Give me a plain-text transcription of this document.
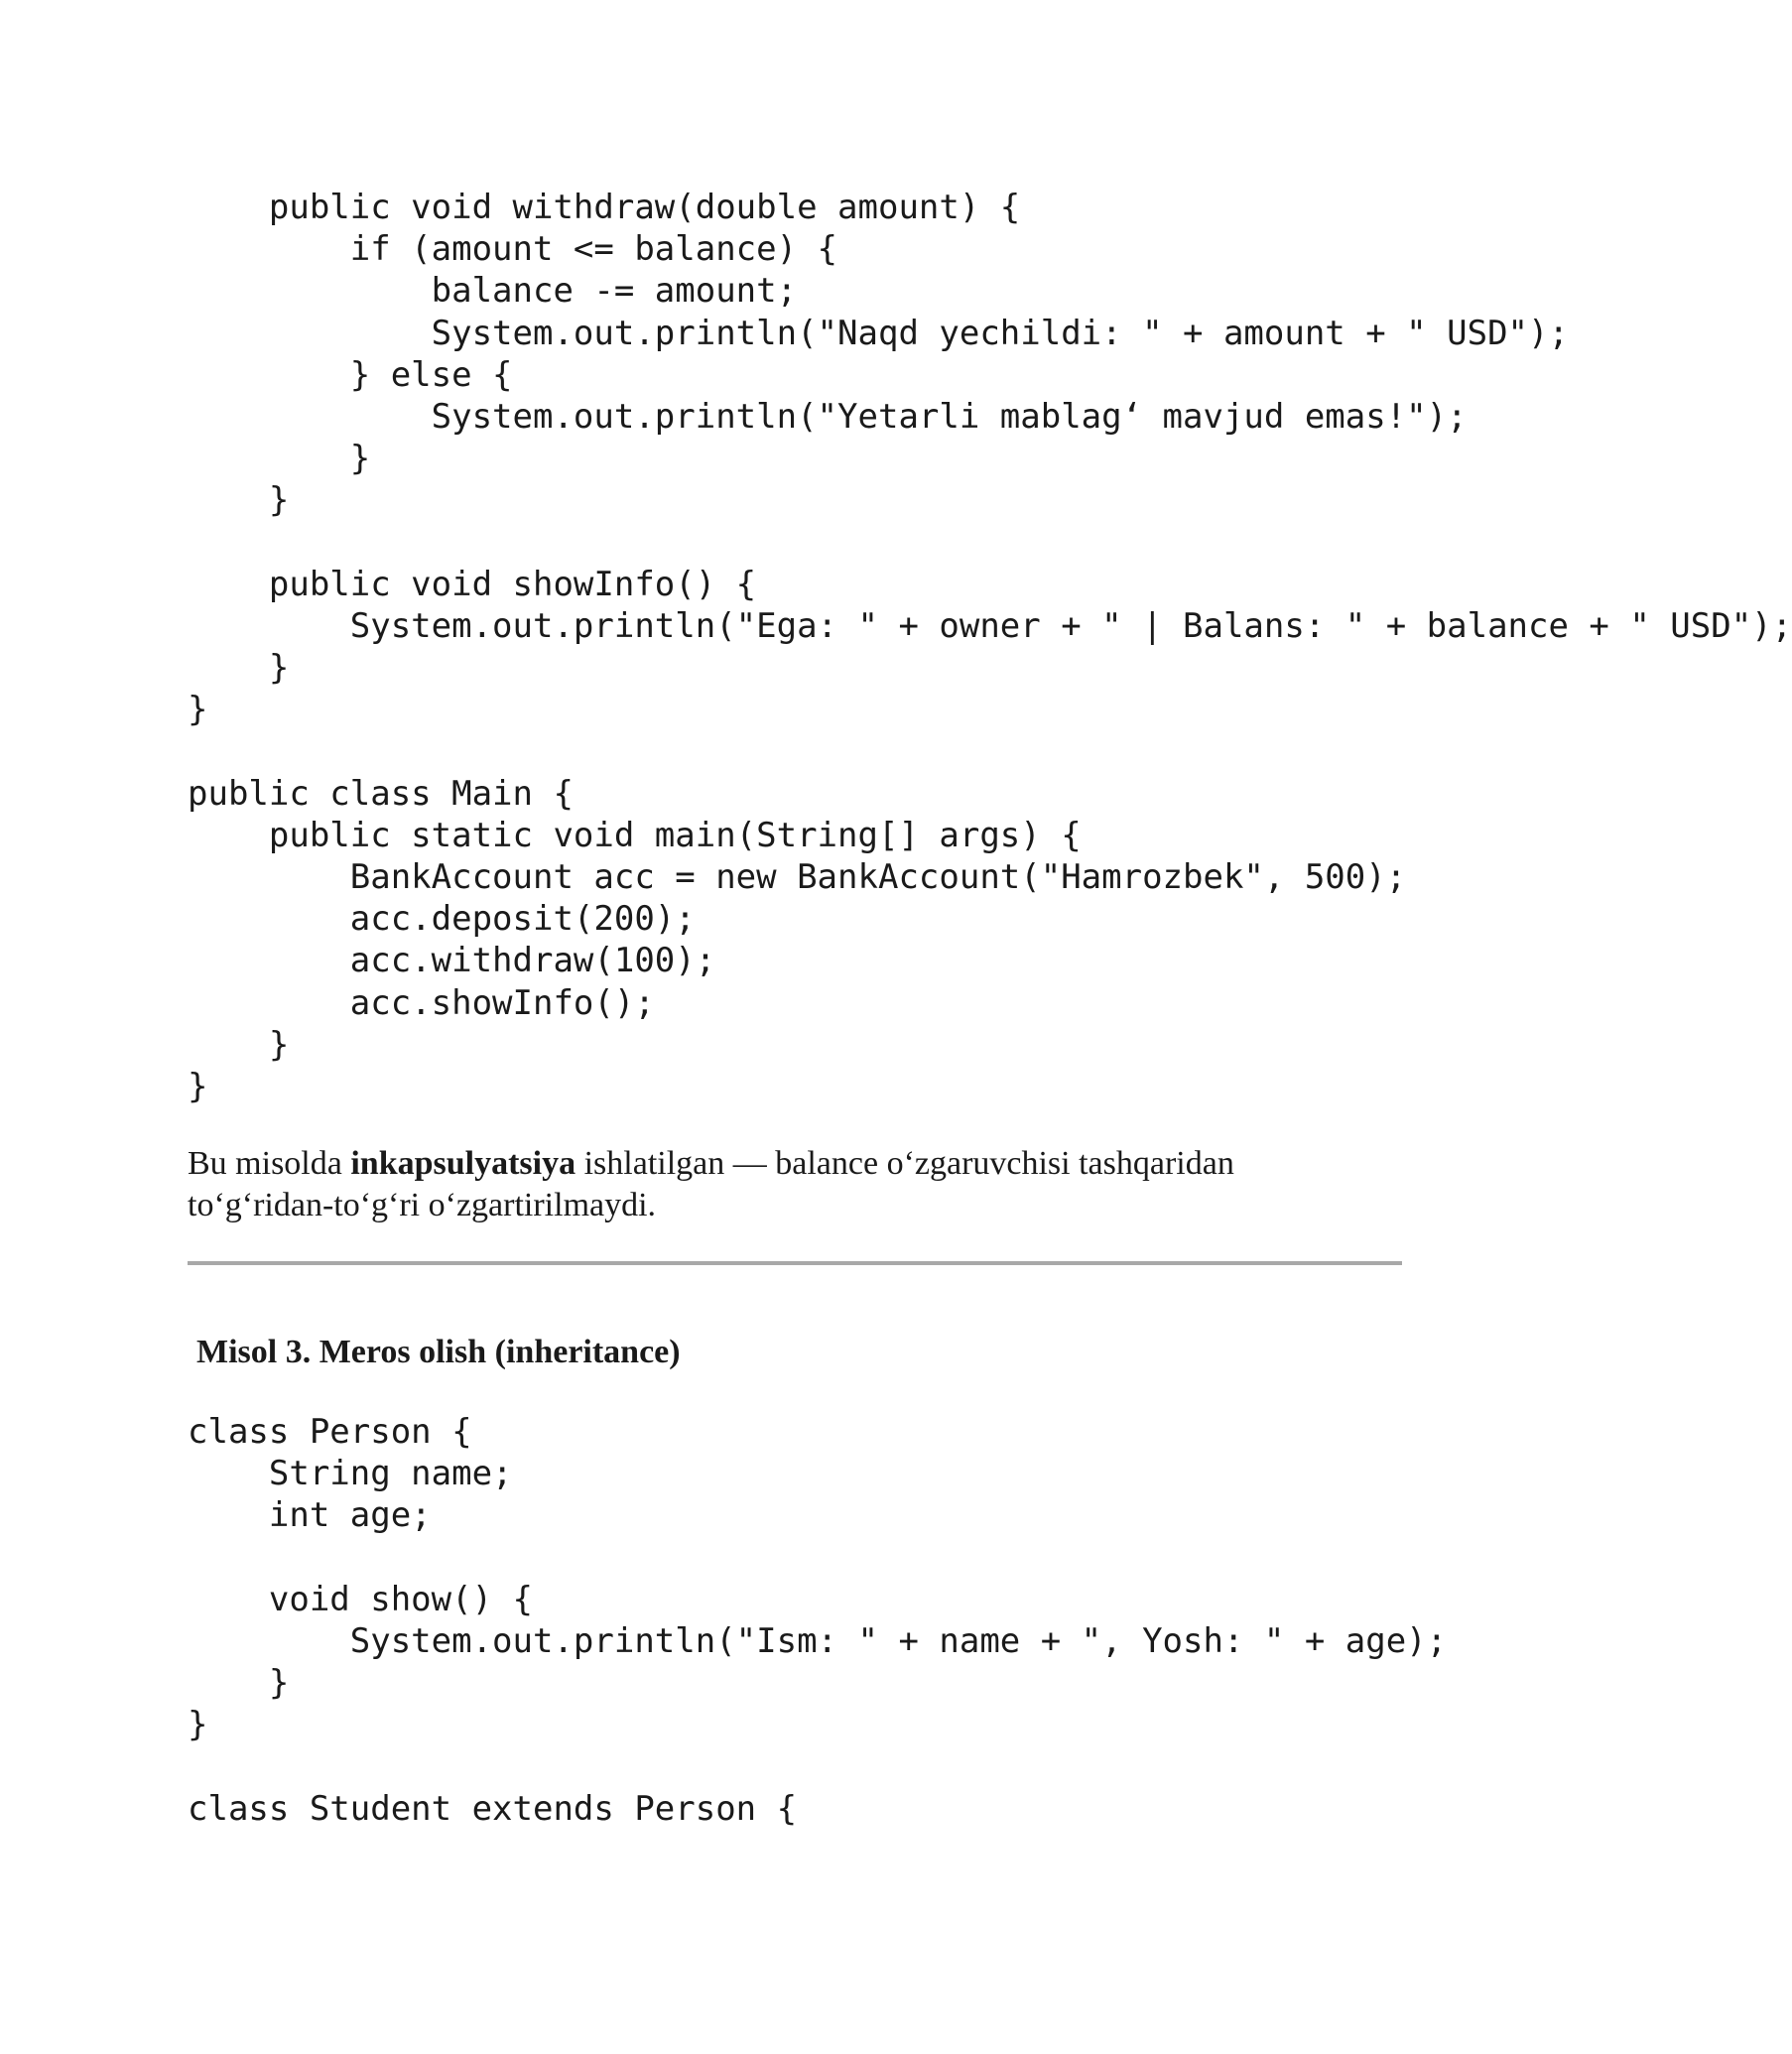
public void withdraw(double amount) {
if (amount <= balance) {
balance -= amount;
System.out.println("Naqd yechildi: " + amount + " USD");
} else {
System.out.println("Yetarli mablag‘ mavjud emas!");
}
}

public void showInfo() {
System.out.println("Ega: " + owner + " | Balans: " + balance + " USD");
}
}

public class Main {
public static void main(String[] args) {
BankAccount acc = new BankAccount("Hamrozbek", 500);
acc.deposit(200);
acc.withdraw(100);
acc.showInfo();
}
}

Bu misolda inkapsulyatsiya ishlatilgan — balance o‘zgaruvchisi tashqaridan
to‘g‘ridan-to‘g‘ri o‘zgartirilmaydi.

Misol 3. Meros olish (inheritance)
class Person {
String name;
int age;

void show() {
System.out.println("Ism: " + name + ", Yosh: " + age);
}
}

class Student extends Person {
